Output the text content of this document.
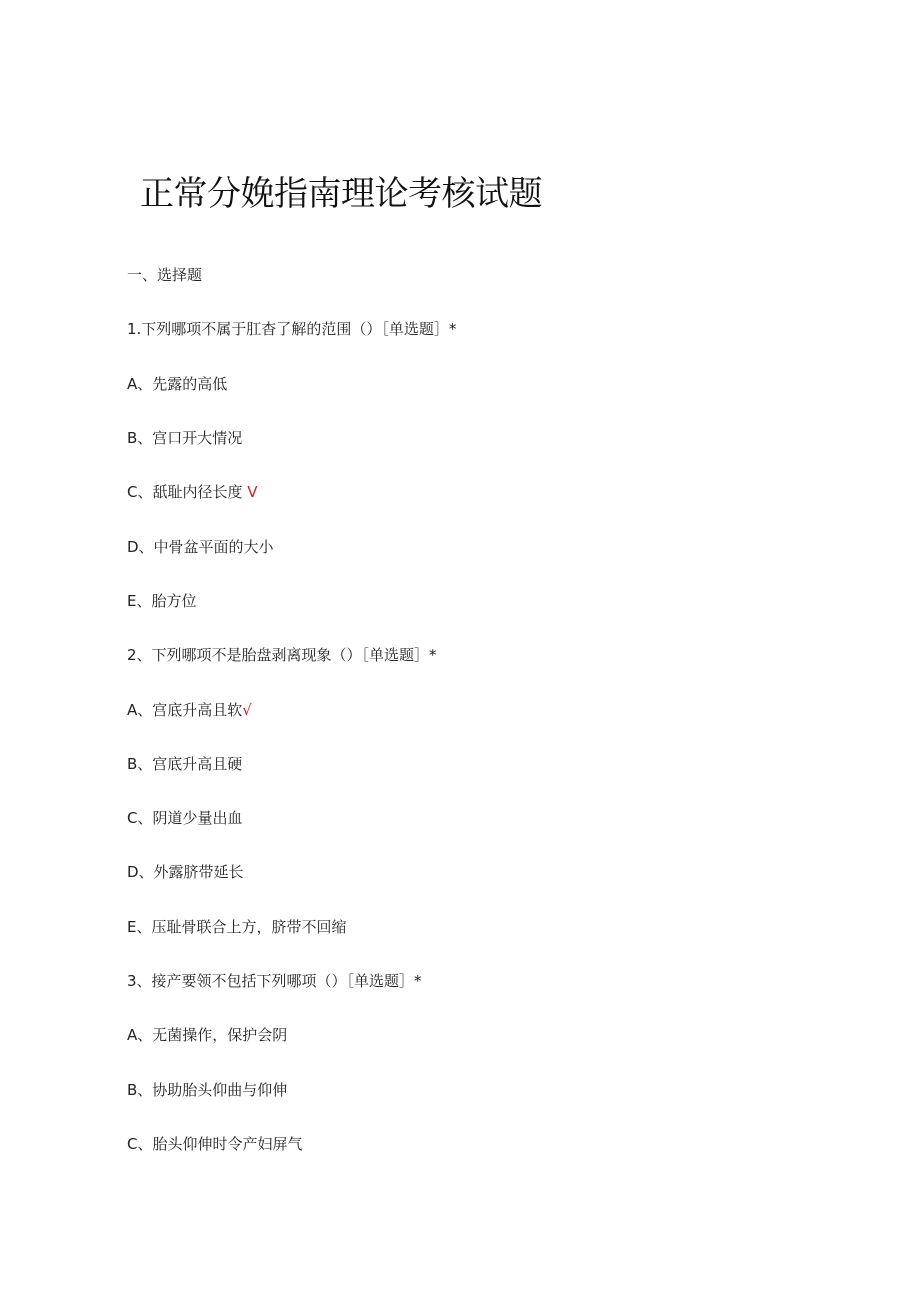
正常分娩指南理论考核试题
一、选择题
1.下列哪项不属于肛杳了解的范围（）［单选题］*
A、先露的高低
B、宫口开大情况
C、舐耻内径长度 V
D、中骨盆平面的大小
E、胎方位
2、下列哪项不是胎盘剥离现象（）［单选题］*
A、宫底升高且软√
B、宫底升高且硬
C、阴道少量出血
D、外露脐带延长
E、压耻骨联合上方，脐带不回缩
3、接产要领不包括下列哪项（）［单选题］*
A、无菌操作，保护会阴
B、协助胎头仰曲与仰伸
C、胎头仰伸时令产妇屏气
